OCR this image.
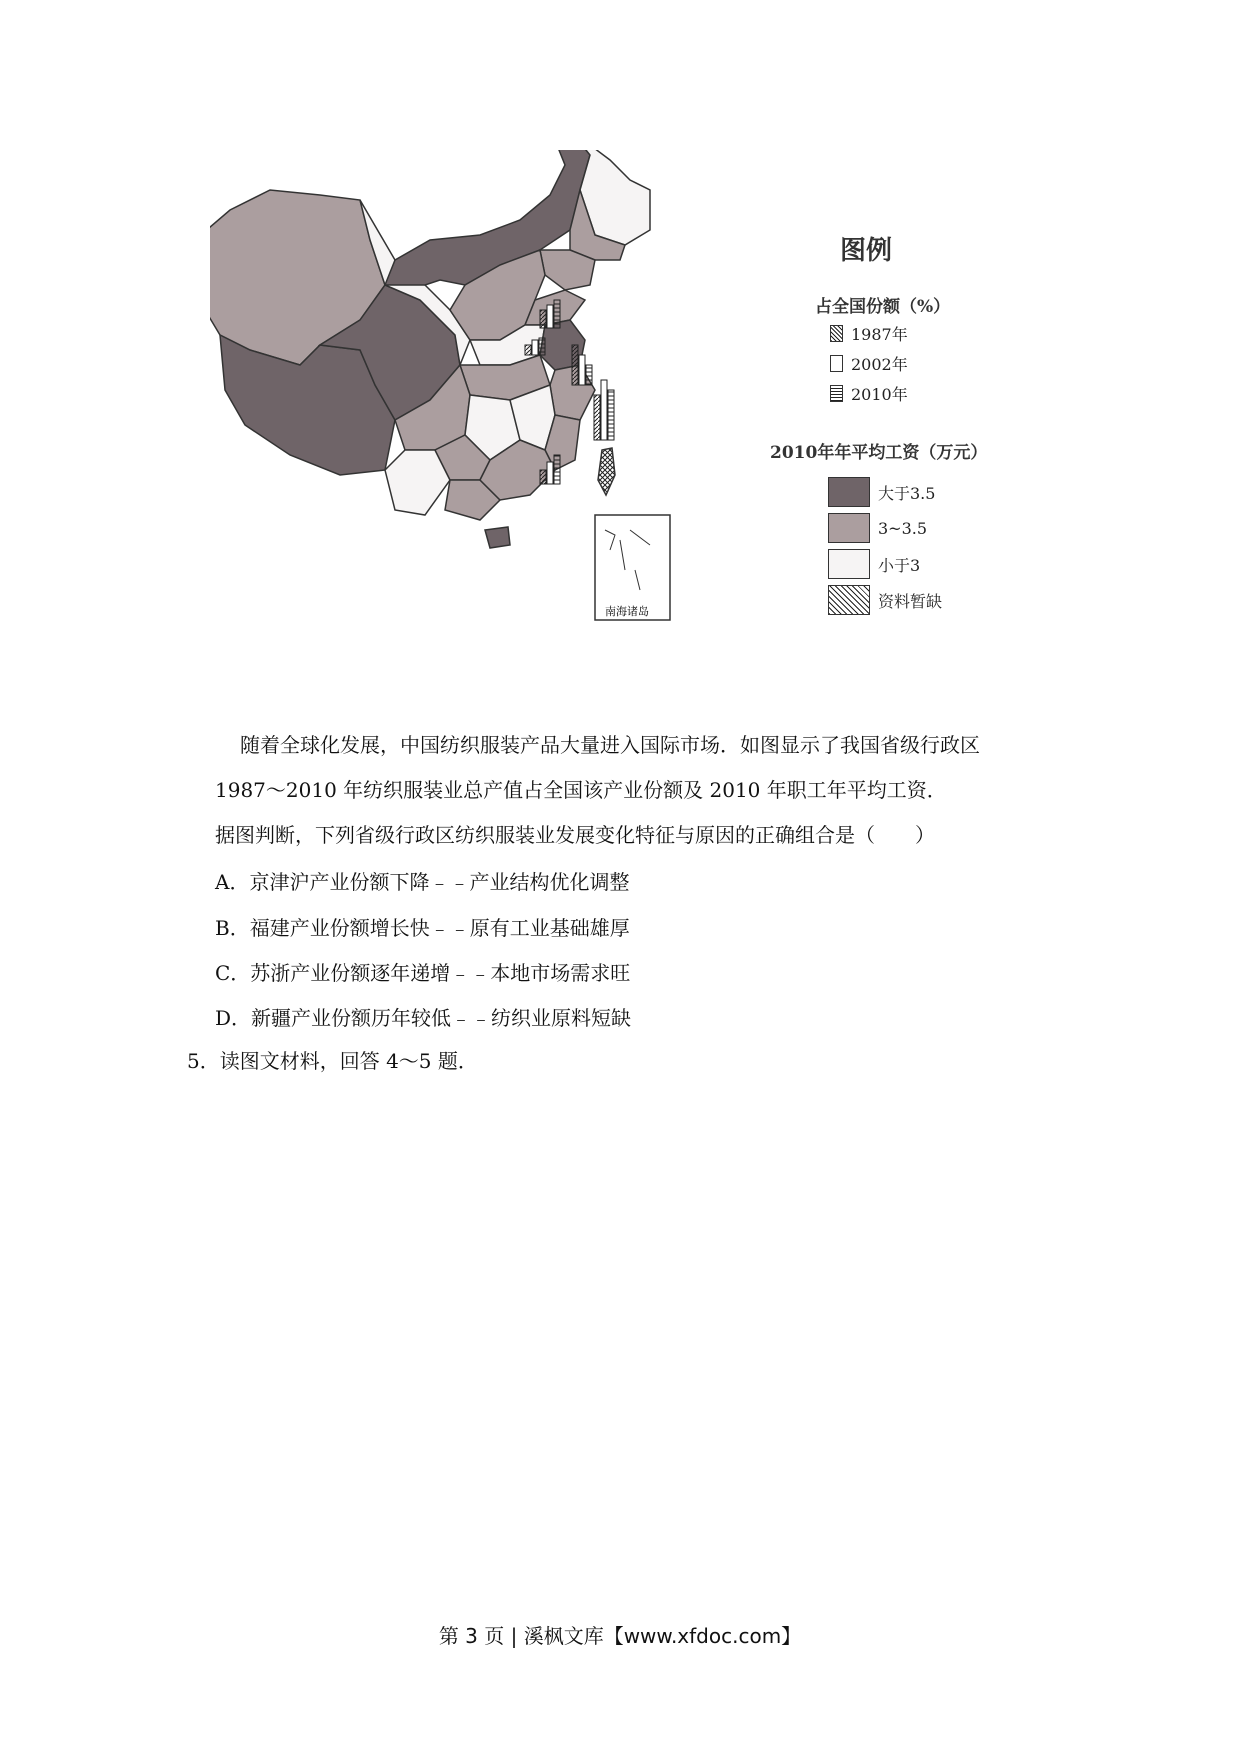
南海诸岛
图例
占全国份额（%）
1987年
2002年
2010年
2010年年平均工资（万元）
大于3.5
3~3.5
小于3
资料暂缺
随着全球化发展，中国纺织服装产品大量进入国际市场．如图显示了我国省级行政区
1987～2010 年纺织服装业总产值占全国该产业份额及 2010 年职工年平均工资．
据图判断，下列省级行政区纺织服装业发展变化特征与原因的正确组合是（　　）
A．京津沪产业份额下降﹣﹣产业结构优化调整
B．福建产业份额增长快﹣﹣原有工业基础雄厚
C．苏浙产业份额逐年递增﹣﹣本地市场需求旺
D．新疆产业份额历年较低﹣﹣纺织业原料短缺
5．读图文材料，回答 4～5 题．
第 3 页 | 溪枫文库【www.xfdoc.com】
